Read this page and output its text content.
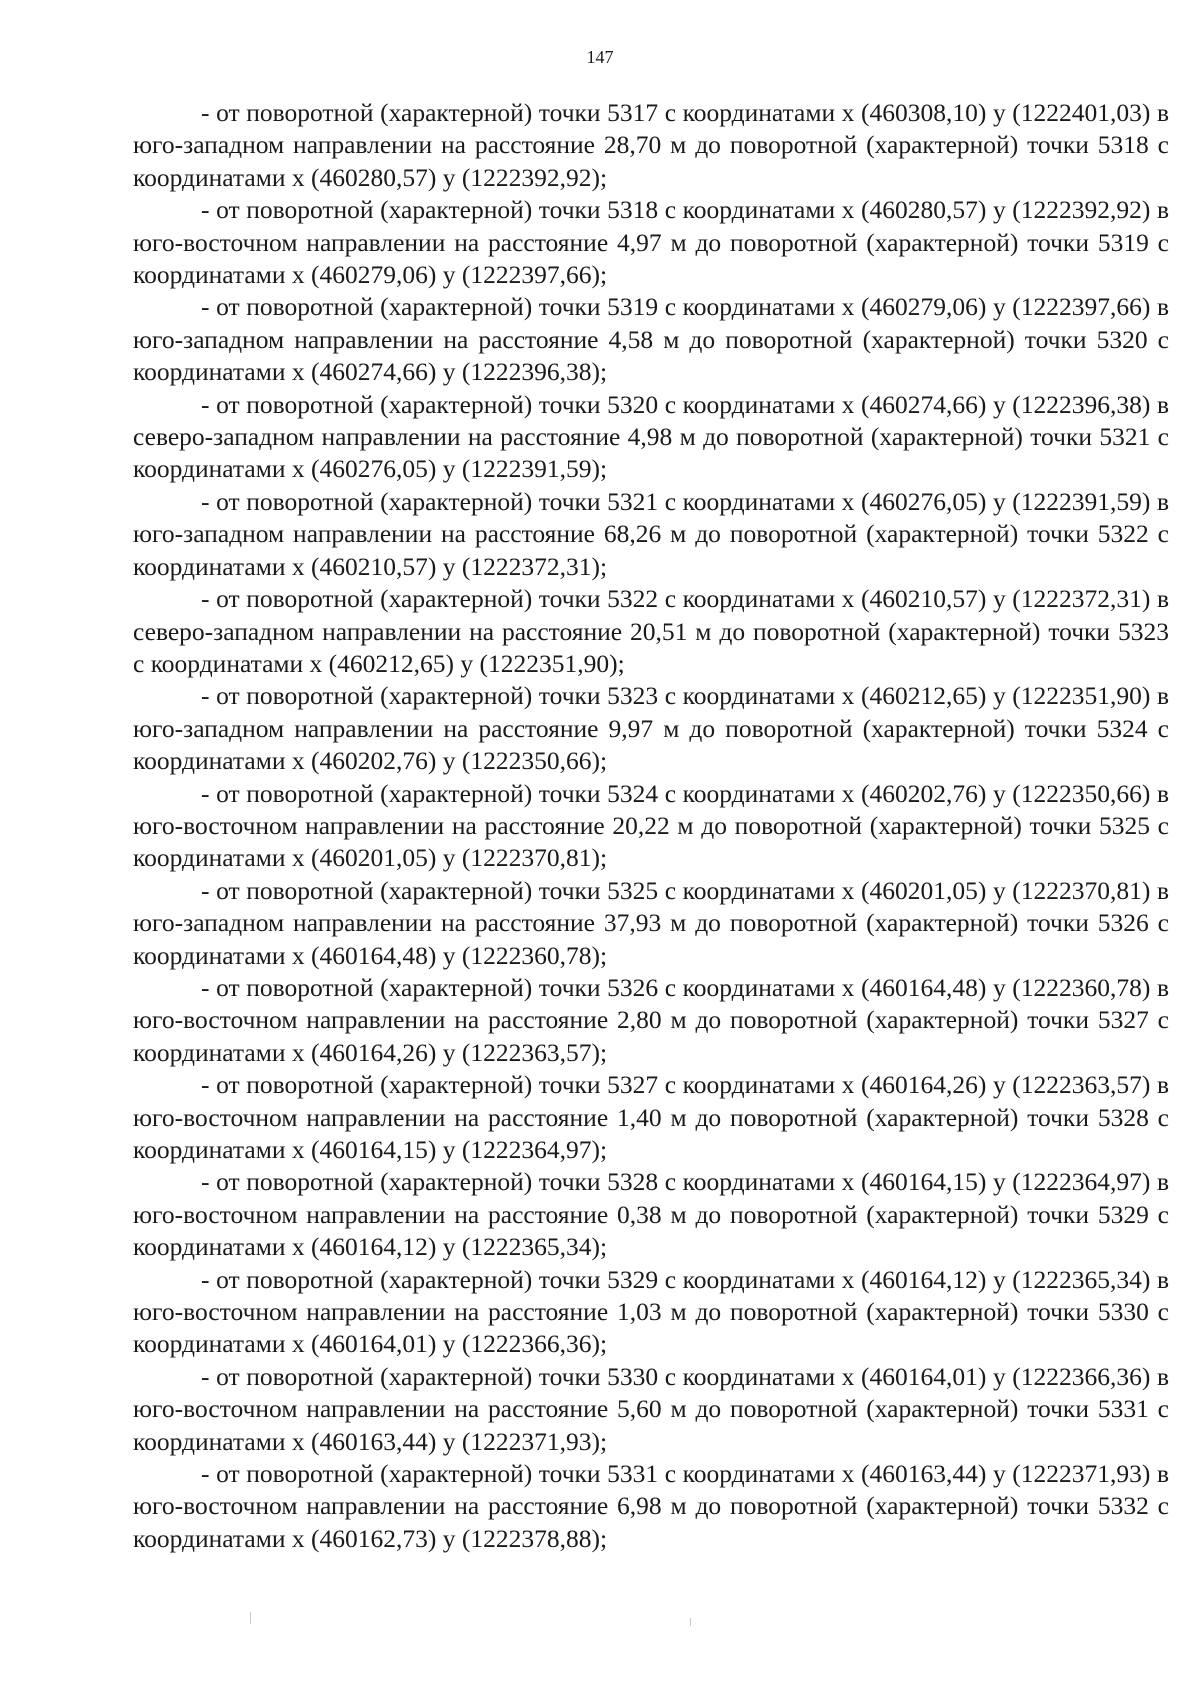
147

- от поворотной (характерной) точки 5317 с координатами x (460308,10) y (1222401,03) в юго-западном направлении на расстояние 28,70 м до поворотной (характерной) точки 5318 с координатами x (460280,57) y (1222392,92);

- от поворотной (характерной) точки 5318 с координатами x (460280,57) y (1222392,92) в юго-восточном направлении на расстояние 4,97 м до поворотной (характерной) точки 5319 с координатами x (460279,06) y (1222397,66);

- от поворотной (характерной) точки 5319 с координатами x (460279,06) y (1222397,66) в юго-западном направлении на расстояние 4,58 м до поворотной (характерной) точки 5320 с координатами x (460274,66) y (1222396,38);

- от поворотной (характерной) точки 5320 с координатами x (460274,66) y (1222396,38) в северо-западном направлении на расстояние 4,98 м до поворотной (характерной) точки 5321 с координатами x (460276,05) y (1222391,59);

- от поворотной (характерной) точки 5321 с координатами x (460276,05) y (1222391,59) в юго-западном направлении на расстояние 68,26 м до поворотной (характерной) точки 5322 с координатами x (460210,57) y (1222372,31);

- от поворотной (характерной) точки 5322 с координатами x (460210,57) y (1222372,31) в северо-западном направлении на расстояние 20,51 м до поворотной (характерной) точки 5323 с координатами x (460212,65) y (1222351,90);

- от поворотной (характерной) точки 5323 с координатами x (460212,65) y (1222351,90) в юго-западном направлении на расстояние 9,97 м до поворотной (характерной) точки 5324 с координатами x (460202,76) y (1222350,66);

- от поворотной (характерной) точки 5324 с координатами x (460202,76) y (1222350,66) в юго-восточном направлении на расстояние 20,22 м до поворотной (характерной) точки 5325 с координатами x (460201,05) y (1222370,81);

- от поворотной (характерной) точки 5325 с координатами x (460201,05) y (1222370,81) в юго-западном направлении на расстояние 37,93 м до поворотной (характерной) точки 5326 с координатами x (460164,48) y (1222360,78);

- от поворотной (характерной) точки 5326 с координатами x (460164,48) y (1222360,78) в юго-восточном направлении на расстояние 2,80 м до поворотной (характерной) точки 5327 с координатами x (460164,26) y (1222363,57);

- от поворотной (характерной) точки 5327 с координатами x (460164,26) y (1222363,57) в юго-восточном направлении на расстояние 1,40 м до поворотной (характерной) точки 5328 с координатами x (460164,15) y (1222364,97);

- от поворотной (характерной) точки 5328 с координатами x (460164,15) y (1222364,97) в юго-восточном направлении на расстояние 0,38 м до поворотной (характерной) точки 5329 с координатами x (460164,12) y (1222365,34);

- от поворотной (характерной) точки 5329 с координатами x (460164,12) y (1222365,34) в юго-восточном направлении на расстояние 1,03 м до поворотной (характерной) точки 5330 с координатами x (460164,01) y (1222366,36);

- от поворотной (характерной) точки 5330 с координатами x (460164,01) y (1222366,36) в юго-восточном направлении на расстояние 5,60 м до поворотной (характерной) точки 5331 с координатами x (460163,44) y (1222371,93);

- от поворотной (характерной) точки 5331 с координатами x (460163,44) y (1222371,93) в юго-восточном направлении на расстояние 6,98 м до поворотной (характерной) точки 5332 с координатами x (460162,73) y (1222378,88);
